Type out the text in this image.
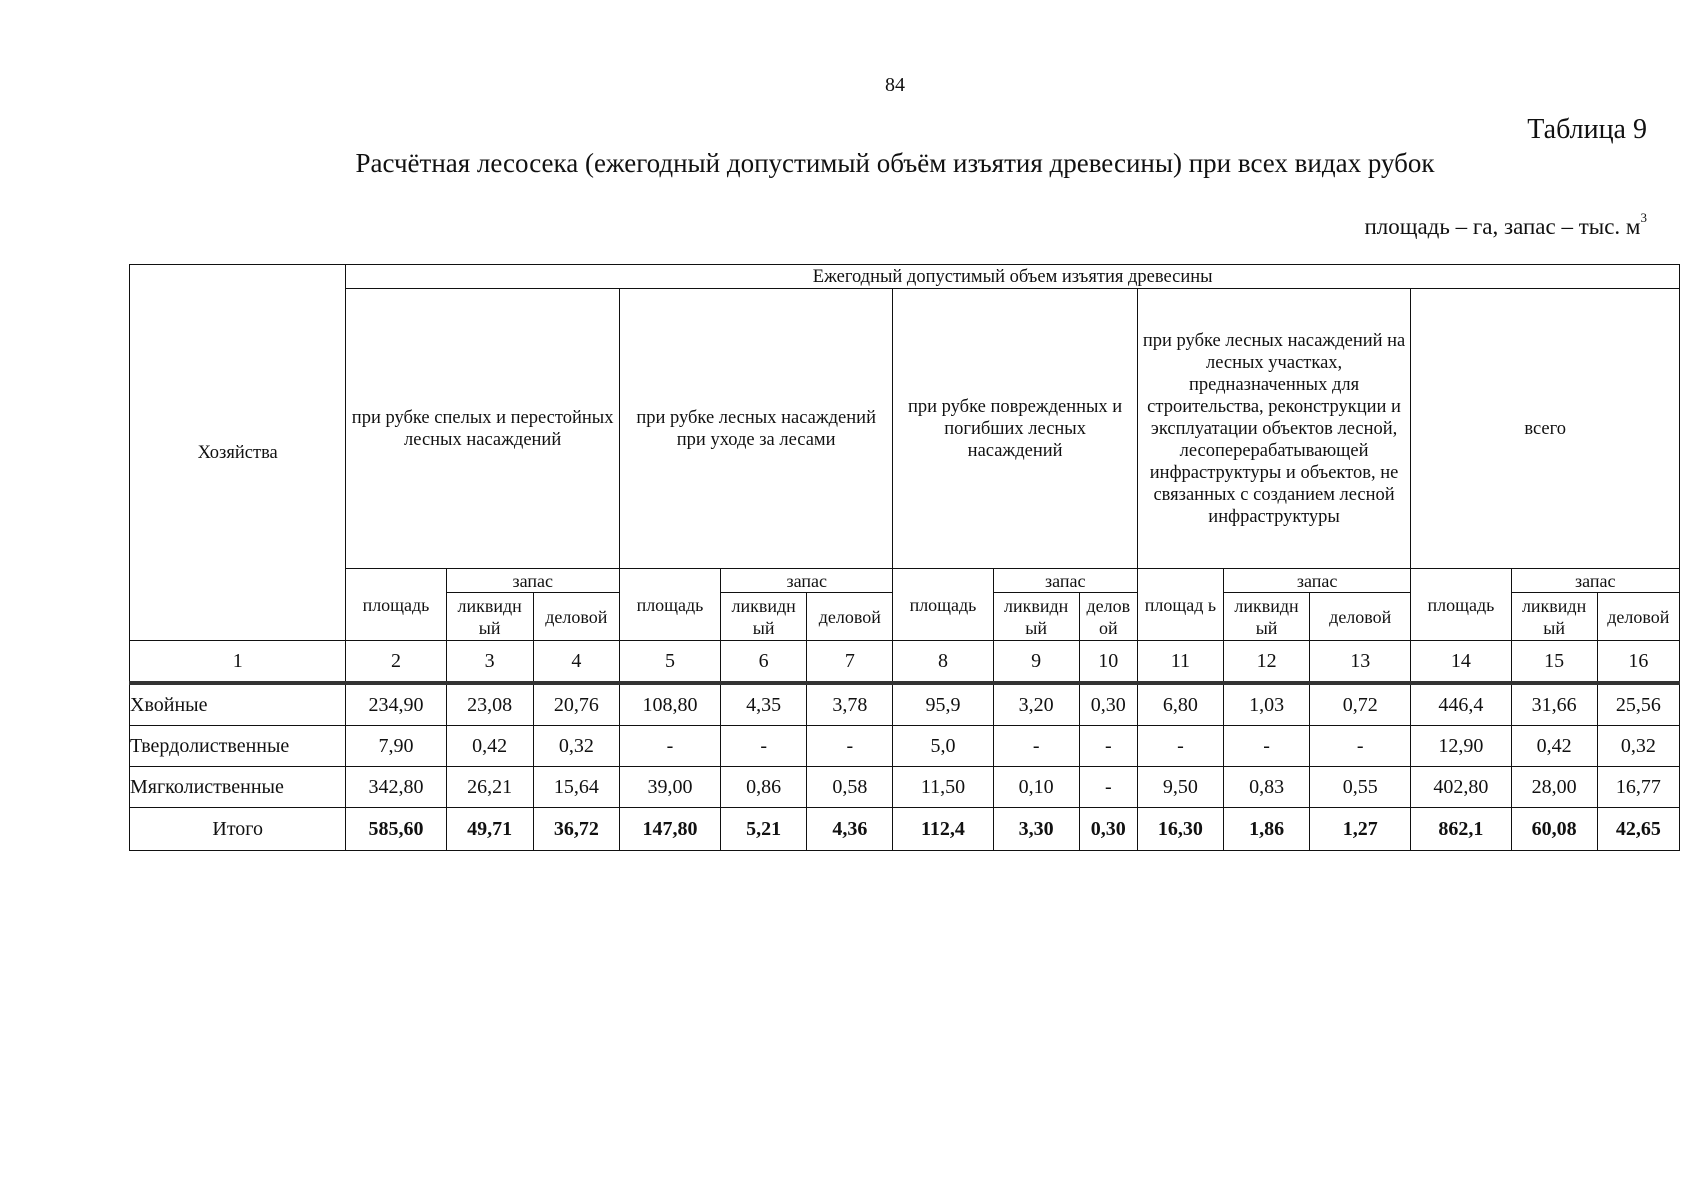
84
Таблица 9
Расчётная лесосека (ежегодный допустимый объём изъятия древесины) при всех видах рубок
площадь – га, запас – тыс. $м^3$
Хозяйства	Ежегодный допустимый объем изъятия древесины														
	при рубке спелых и перестойных лесных насаждений			при рубке лесных насаждений при уходе за лесами			при рубке поврежденных и погибших лесных насаждений			при рубке лесных насаждений на лесных участках, предназначенных для строительства, реконструкции и эксплуатации объектов лесной, лесоперерабатывающей инфраструктуры и объектов, не связанных с созданием лесной инфраструктуры			всего		
	площадь	запас		площадь	запас		площадь	запас		площад ь	запас		площадь	запас	
		ликвидн ый	деловой		ликвидн ый	деловой		ликвидн ый	делов ой		ликвидн ый	деловой		ликвидн ый	деловой
1	2	3	4	5	6	7	8	9	10	11	12	13	14	15	16
Хвойные	234,90	23,08	20,76	108,80	4,35	3,78	95,9	3,20	0,30	6,80	1,03	0,72	446,4	31,66	25,56
Твердолиственные	7,90	0,42	0,32	-	-	-	5,0	-	-	-	-	-	12,90	0,42	0,32
Мягколиственные	342,80	26,21	15,64	39,00	0,86	0,58	11,50	0,10	-	9,50	0,83	0,55	402,80	28,00	16,77
Итого	585,60	49,71	36,72	147,80	5,21	4,36	112,4	3,30	0,30	16,30	1,86	1,27	862,1	60,08	42,65
